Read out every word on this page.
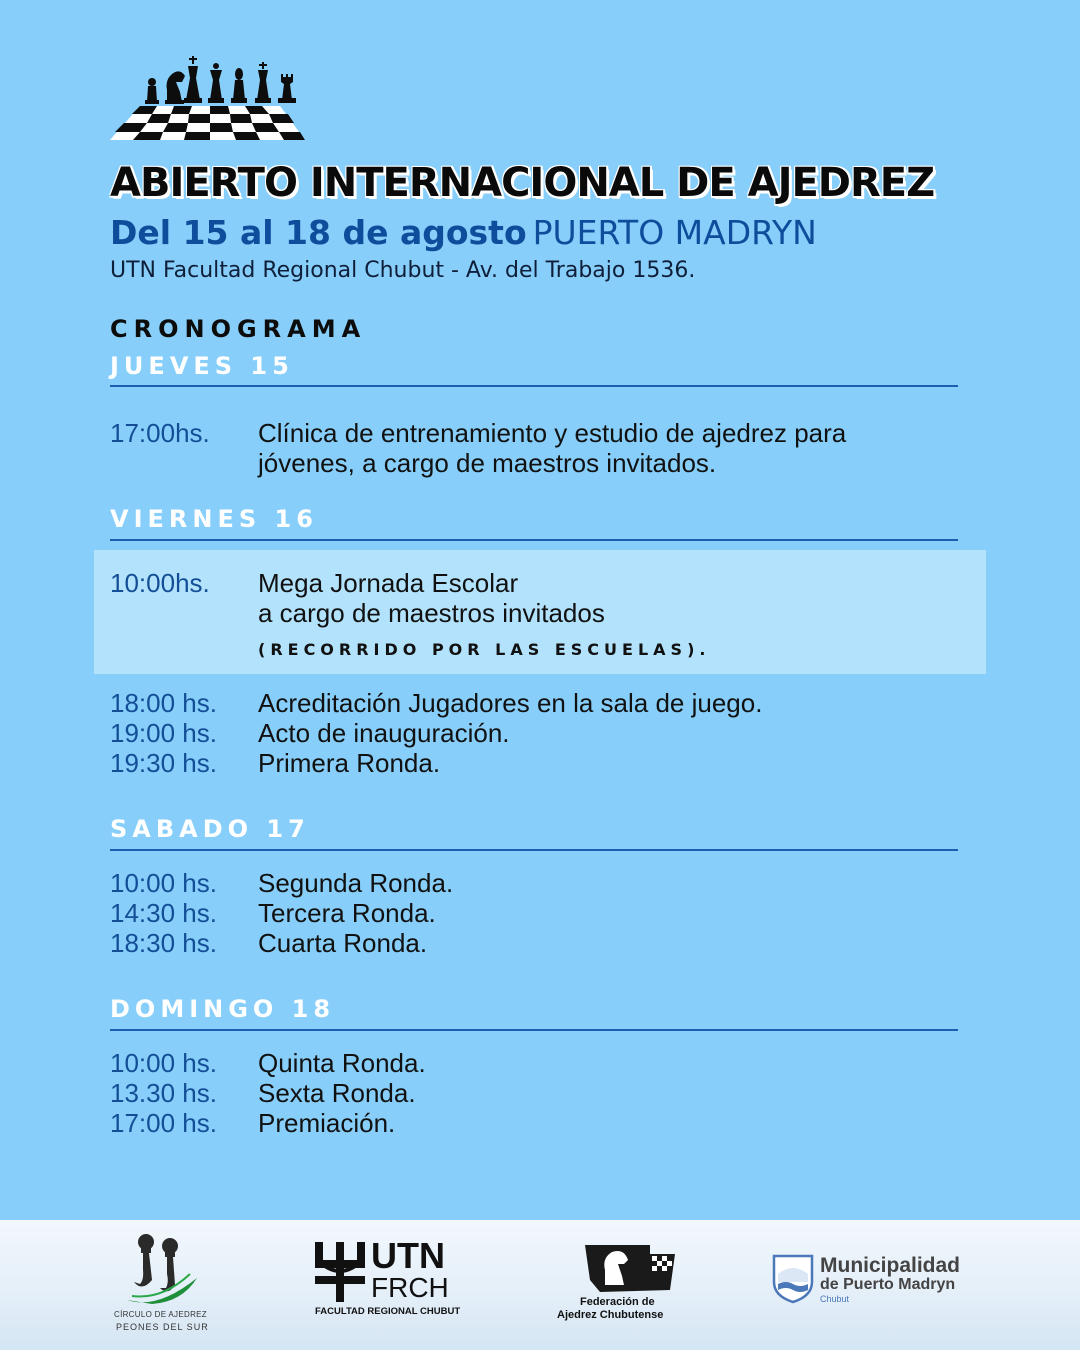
ABIERTO INTERNACIONAL DE AJEDREZ
Del 15 al 18 de agosto PUERTO MADRYN
UTN Facultad Regional Chubut - Av. del Trabajo 1536.
CRONOGRAMA
JUEVES 15
17:00hs. Clínica de entrenamiento y estudio de ajedrez para
jóvenes, a cargo de maestros invitados.
VIERNES 16
10:00hs. Mega Jornada Escolar
a cargo de maestros invitados
(RECORRIDO POR LAS ESCUELAS).
18:00 hs. Acreditación Jugadores en la sala de juego.
19:00 hs. Acto de inauguración.
19:30 hs. Primera Ronda.
SABADO 17
10:00 hs. Segunda Ronda.
14:30 hs. Tercera Ronda.
18:30 hs. Cuarta Ronda.
DOMINGO 18
10:00 hs. Quinta Ronda.
13.30 hs. Sexta Ronda.
17:00 hs. Premiación.
CÍRCULO DE AJEDREZ
PEONES DEL SUR
UTN
FRCH
FACULTAD REGIONAL CHUBUT
Federación de
Ajedrez Chubutense
Municipalidad
de Puerto Madryn
Chubut
